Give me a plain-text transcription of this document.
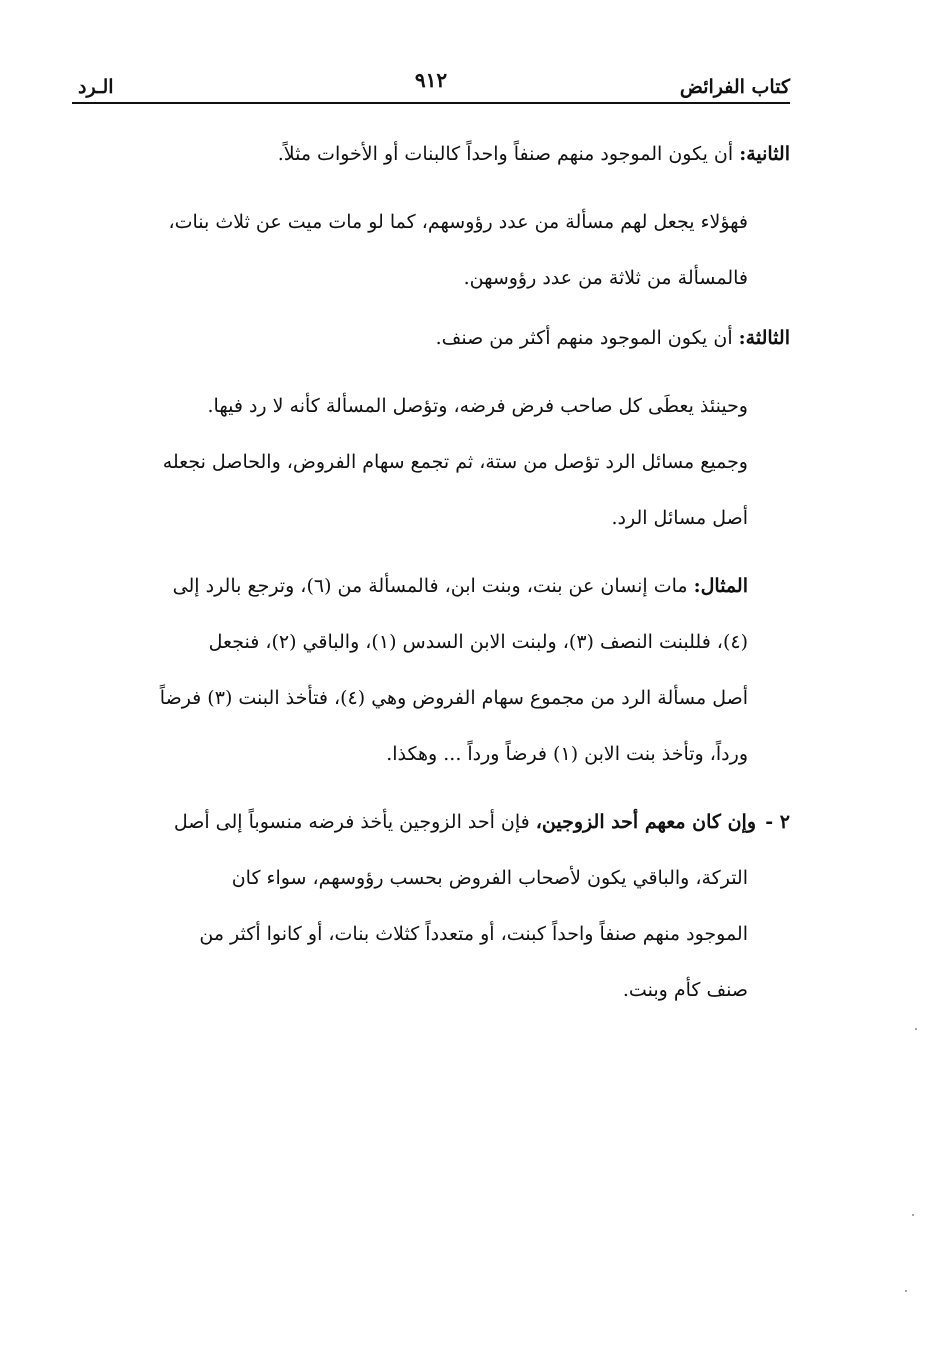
كتاب الفرائض
٩١٢
الـرد

الثانية: أن يكون الموجود منهم صنفاً واحداً كالبنات أو الأخوات مثلاً.

فهؤلاء يجعل لهم مسألة من عدد رؤوسهم، كما لو مات ميت عن ثلاث بنات،
فالمسألة من ثلاثة من عدد رؤوسهن.

الثالثة: أن يكون الموجود منهم أكثر من صنف.

وحينئذ يعطَى كل صاحب فرض فرضه، وتؤصل المسألة كأنه لا رد فيها.
وجميع مسائل الرد تؤصل من ستة، ثم تجمع سهام الفروض، والحاصل نجعله
أصل مسائل الرد.

المثال: مات إنسان عن بنت، وبنت ابن، فالمسألة من (٦)، وترجع بالرد إلى
(٤)، فللبنت النصف (٣)، ولبنت الابن السدس (١)، والباقي (٢)، فنجعل
أصل مسألة الرد من مجموع سهام الفروض وهي (٤)، فتأخذ البنت (٣) فرضاً
ورداً، وتأخذ بنت الابن (١) فرضاً ورداً ... وهكذا.

٢ -وإن كان معهم أحد الزوجين، فإن أحد الزوجين يأخذ فرضه منسوباً إلى أصل

التركة، والباقي يكون لأصحاب الفروض بحسب رؤوسهم، سواء كان
الموجود منهم صنفاً واحداً كبنت، أو متعدداً كثلاث بنات، أو كانوا أكثر من
صنف كأم وبنت.
